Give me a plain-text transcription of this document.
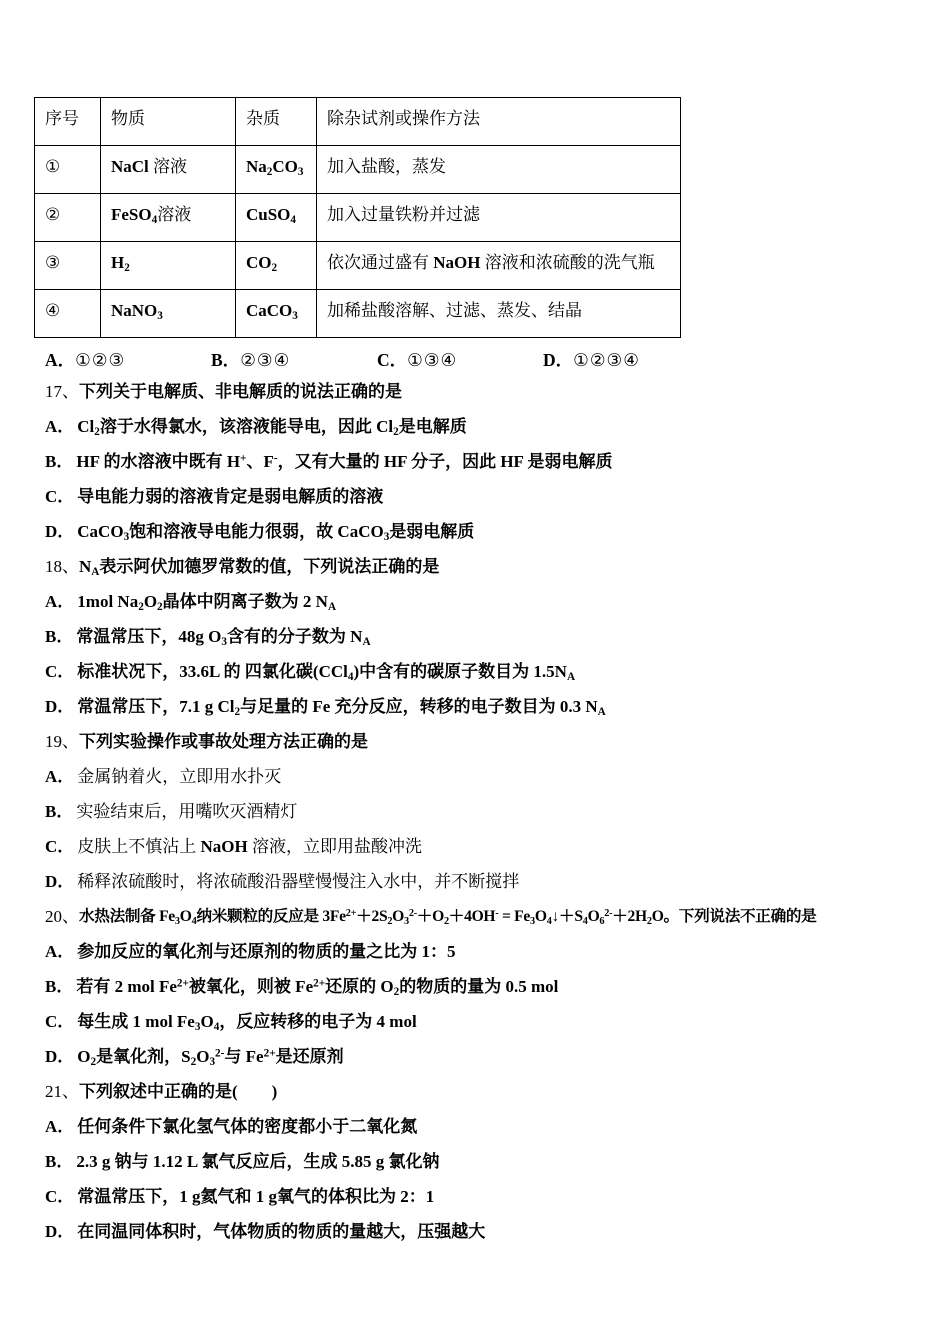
序号	物质	杂质	除杂试剂或操作方法
①	NaCl 溶液	$Na_2CO_3$	加入盐酸，蒸发
②	FeSO$_4$溶液	CuSO$_4$	加入过量铁粉并过滤
③	$H_2$	$CO_2$	依次通过盛有 NaOH 溶液和浓硫酸的洗气瓶
④	NaNO$_3$	CaCO$_3$	加稀盐酸溶解、过滤、蒸发、结晶
A．①②③	B．②③④	C．①③④	D．①②③④
17、 下列关于电解质、非电解质的说法正确的是
A． $Cl_2$溶于水得氯水，该溶液能导电，因此 $Cl_2$是电解质
B． HF 的水溶液中既有 H+、F-，又有大量的 HF 分子，因此 HF 是弱电解质
C． 导电能力弱的溶液肯定是弱电解质的溶液
D． CaCO$_3$饱和溶液导电能力很弱，故 CaCO$_3$是弱电解质
18、 $N_A$表示阿伏加德罗常数的值，下列说法正确的是
A． 1mol $Na_2O_2$晶体中阴离子数为 2 $N_A$
B． 常温常压下，48g $O_3$含有的分子数为 $N_A$
C． 标准状况下，33.6L 的 四氯化碳(CCl$_4$)中含有的碳原子数目为 $1.5N_A$
D． 常温常压下，7.1 g $Cl_2$与足量的 Fe 充分反应，转移的电子数目为 0.3 $N_A$
19、 下列实验操作或事故处理方法正确的是
A． 金属钠着火，立即用水扑灭
B． 实验结束后，用嘴吹灭酒精灯
C． 皮肤上不慎沾上 NaOH 溶液，立即用盐酸冲洗
D． 稀释浓硫酸时，将浓硫酸沿器壁慢慢注入水中，并不断搅拌
20、 水热法制备 $Fe_3O_4$纳米颗粒的反应是 $3Fe^{2+}+2S_2O_3^{2-}+O_2+4OH^-$ = $Fe_3O_4↓+S_4O_6^{2-}+2H_2O$。下列说法不正确的是
A． 参加反应的氧化剂与还原剂的物质的量之比为 1：5
B． 若有 2 mol $Fe^{2+}$被氧化，则被 $Fe^{2+}$还原的 $O_2$的物质的量为 0.5 mol
C． 每生成 1 mol $Fe_3O_4$，反应转移的电子为 4 mol
D． $O_2$是氧化剂，$S_2O_3^{2-}$与 $Fe^{2+}$是还原剂
21、 下列叙述中正确的是(　　)
A． 任何条件下氯化氢气体的密度都小于二氧化氮
B． 2.3 g 钠与 1.12 L 氯气反应后，生成 5.85 g 氯化钠
C． 常温常压下，1 g氦气和 1 g氧气的体积比为 2：1
D． 在同温同体积时，气体物质的物质的量越大，压强越大
